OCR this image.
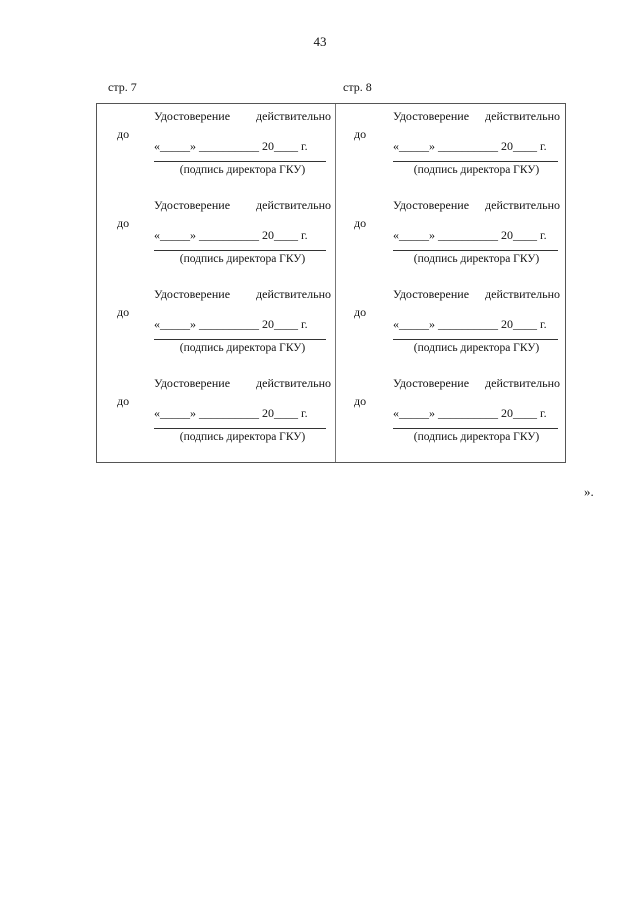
43
стр. 7	стр. 8
до
Удостоверение действительно
«_____» __________ 20____ г.
(подпись директора ГКУ)
до
Удостоверение действительно
«_____» __________ 20____ г.
(подпись директора ГКУ)
до
Удостоверение действительно
«_____» __________ 20____ г.
(подпись директора ГКУ)
до
Удостоверение действительно
«_____» __________ 20____ г.
(подпись директора ГКУ)
до
Удостоверение действительно
«_____» __________ 20____ г.
(подпись директора ГКУ)
до
Удостоверение действительно
«_____» __________ 20____ г.
(подпись директора ГКУ)
до
Удостоверение действительно
«_____» __________ 20____ г.
(подпись директора ГКУ)
до
Удостоверение действительно
«_____» __________ 20____ г.
(подпись директора ГКУ)
».
